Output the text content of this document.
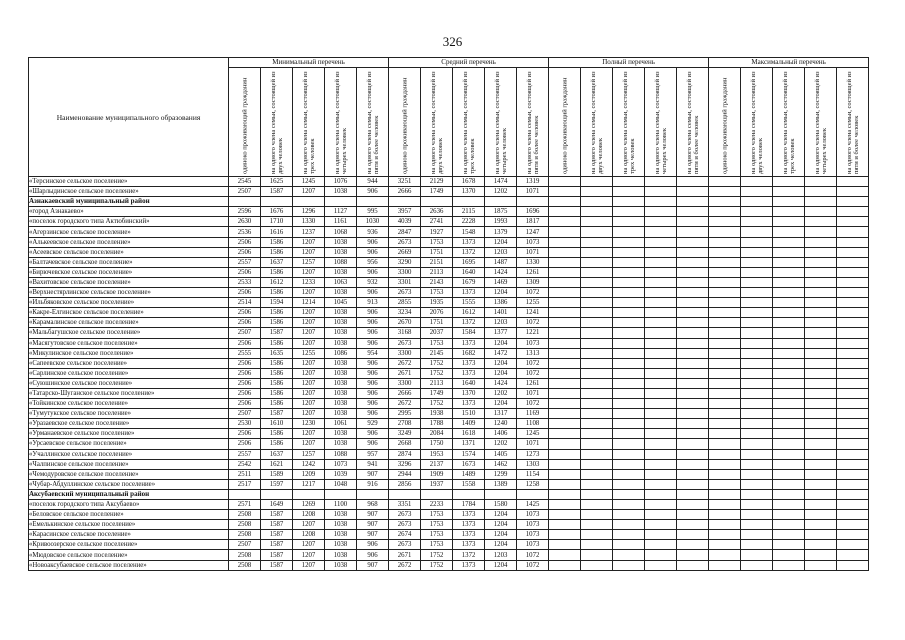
326
Наименование муниципального образования	Минимальный перечень					Средний перечень					Полный перечень					Максимальный перечень				

	одиноко проживающий гражданин	на одного члена семьи, состоящей из двух человек	на одного члена семьи, состоящей из трех человек	на одного члена семьи, состоящей из четырех человек	на одного члена семьи, состоящей из пяти и более человек	одиноко проживающий гражданин	на одного члена семьи, состоящей из двух человек	на одного члена семьи, состоящей из трех человек	на одного члена семьи, состоящей из четырех человек	на одного члена семьи, состоящей из пяти и более человек	одиноко проживающий гражданин	на одного члена семьи, состоящей из двух человек	на одного члена семьи, состоящей из трех человек	на одного члена семьи, состоящей из четырех человек	на одного члена семьи, состоящей из пяти и более человек	одиноко проживающий гражданин	на одного члена семьи, состоящей из двух человек	на одного члена семьи, состоящей из трех человек	на одного члена семьи, состоящей из четырех человек	на одного члена семьи, состоящей из пяти и более человек

«Терсинское сельское поселение»	2545	1625	1245	1076	944	3251	2129	1678	1474	1319										
«Шарлыдинское сельское поселение»	2507	1587	1207	1038	906	2666	1749	1370	1202	1071										
Азнакаевский муниципальный район																				
«город Азнакаево»	2596	1676	1296	1127	995	3957	2636	2115	1875	1696										
«поселок городского типа Актюбинский»	2630	1710	1330	1161	1030	4039	2741	2228	1993	1817										
«Агерзинское сельское поселение»	2536	1616	1237	1068	936	2847	1927	1548	1379	1247										
«Алькеевское сельское поселение»	2506	1586	1207	1038	906	2673	1753	1373	1204	1073										
«Асеевское сельское поселение»	2506	1586	1207	1038	906	2669	1751	1372	1203	1071										
«Балтачевское сельское поселение»	2557	1637	1257	1088	956	3290	2151	1695	1487	1330										
«Бирючевское сельское поселение»	2506	1586	1207	1038	906	3300	2113	1640	1424	1261										
«Вахитовское сельское поселение»	2533	1612	1233	1063	932	3301	2143	1679	1469	1309										
«Верхнестярлинское сельское поселение»	2506	1586	1207	1038	906	2673	1753	1373	1204	1072										
«Ильбяковское сельское поселение»	2514	1594	1214	1045	913	2855	1935	1555	1386	1255										
«Какре-Елгинское сельское поселение»	2506	1586	1207	1038	906	3234	2076	1612	1401	1241										
«Карамалинское сельское поселение»	2506	1586	1207	1038	906	2670	1751	1372	1203	1072										
«Мальбагушское сельское поселение»	2507	1587	1207	1038	906	3168	2037	1584	1377	1221										
«Масягутовское сельское поселение»	2506	1586	1207	1038	906	2673	1753	1373	1204	1073										
«Микулинское сельское поселение»	2555	1635	1255	1086	954	3300	2145	1682	1472	1313										
«Сапеевское сельское поселение»	2506	1586	1207	1038	906	2672	1752	1373	1204	1072										
«Сарлинское сельское поселение»	2506	1586	1207	1038	906	2671	1752	1373	1204	1072										
«Суюшинское сельское поселение»	2506	1586	1207	1038	906	3300	2113	1640	1424	1261										
«Татарско-Шуганское сельское поселение»	2506	1586	1207	1038	906	2666	1749	1370	1202	1071										
«Тойкинское сельское поселение»	2506	1586	1207	1038	906	2672	1752	1373	1204	1072										
«Тумутукское сельское поселение»	2507	1587	1207	1038	906	2995	1938	1510	1317	1169										
«Уразаевское сельское поселение»	2530	1610	1230	1061	929	2708	1788	1409	1240	1108										
«Урманаевское сельское поселение»	2506	1586	1207	1038	906	3249	2084	1618	1406	1245										
«Урсаевское сельское поселение»	2506	1586	1207	1038	906	2668	1750	1371	1202	1071										
«Учаллинское сельское поселение»	2557	1637	1257	1088	957	2874	1953	1574	1405	1273										
«Чалпинское сельское поселение»	2542	1621	1242	1073	941	3296	2137	1673	1462	1303										
«Чемодуровское сельское поселение»	2511	1589	1209	1039	907	2944	1909	1489	1299	1154										
«Чубар-Абдуллинское сельское поселение»	2517	1597	1217	1048	916	2856	1937	1558	1389	1258										
Аксубаевский муниципальный район																				
«поселок городского типа Аксубаево»	2571	1649	1269	1100	968	3351	2233	1784	1580	1425										
«Беловское сельское поселение»	2508	1587	1208	1038	907	2673	1753	1373	1204	1073										
«Емелькинское сельское поселение»	2508	1587	1207	1038	907	2673	1753	1373	1204	1073										
«Карасинское сельское поселение»	2508	1587	1208	1038	907	2674	1753	1373	1204	1073										
«Кривоозерское сельское поселение»	2507	1587	1207	1038	906	2673	1753	1373	1204	1073										
«Мюдовское сельское поселение»	2508	1587	1207	1038	906	2671	1752	1372	1203	1072										
«Новоаксубаевское сельское поселение»	2508	1587	1207	1038	907	2672	1752	1373	1204	1072										
